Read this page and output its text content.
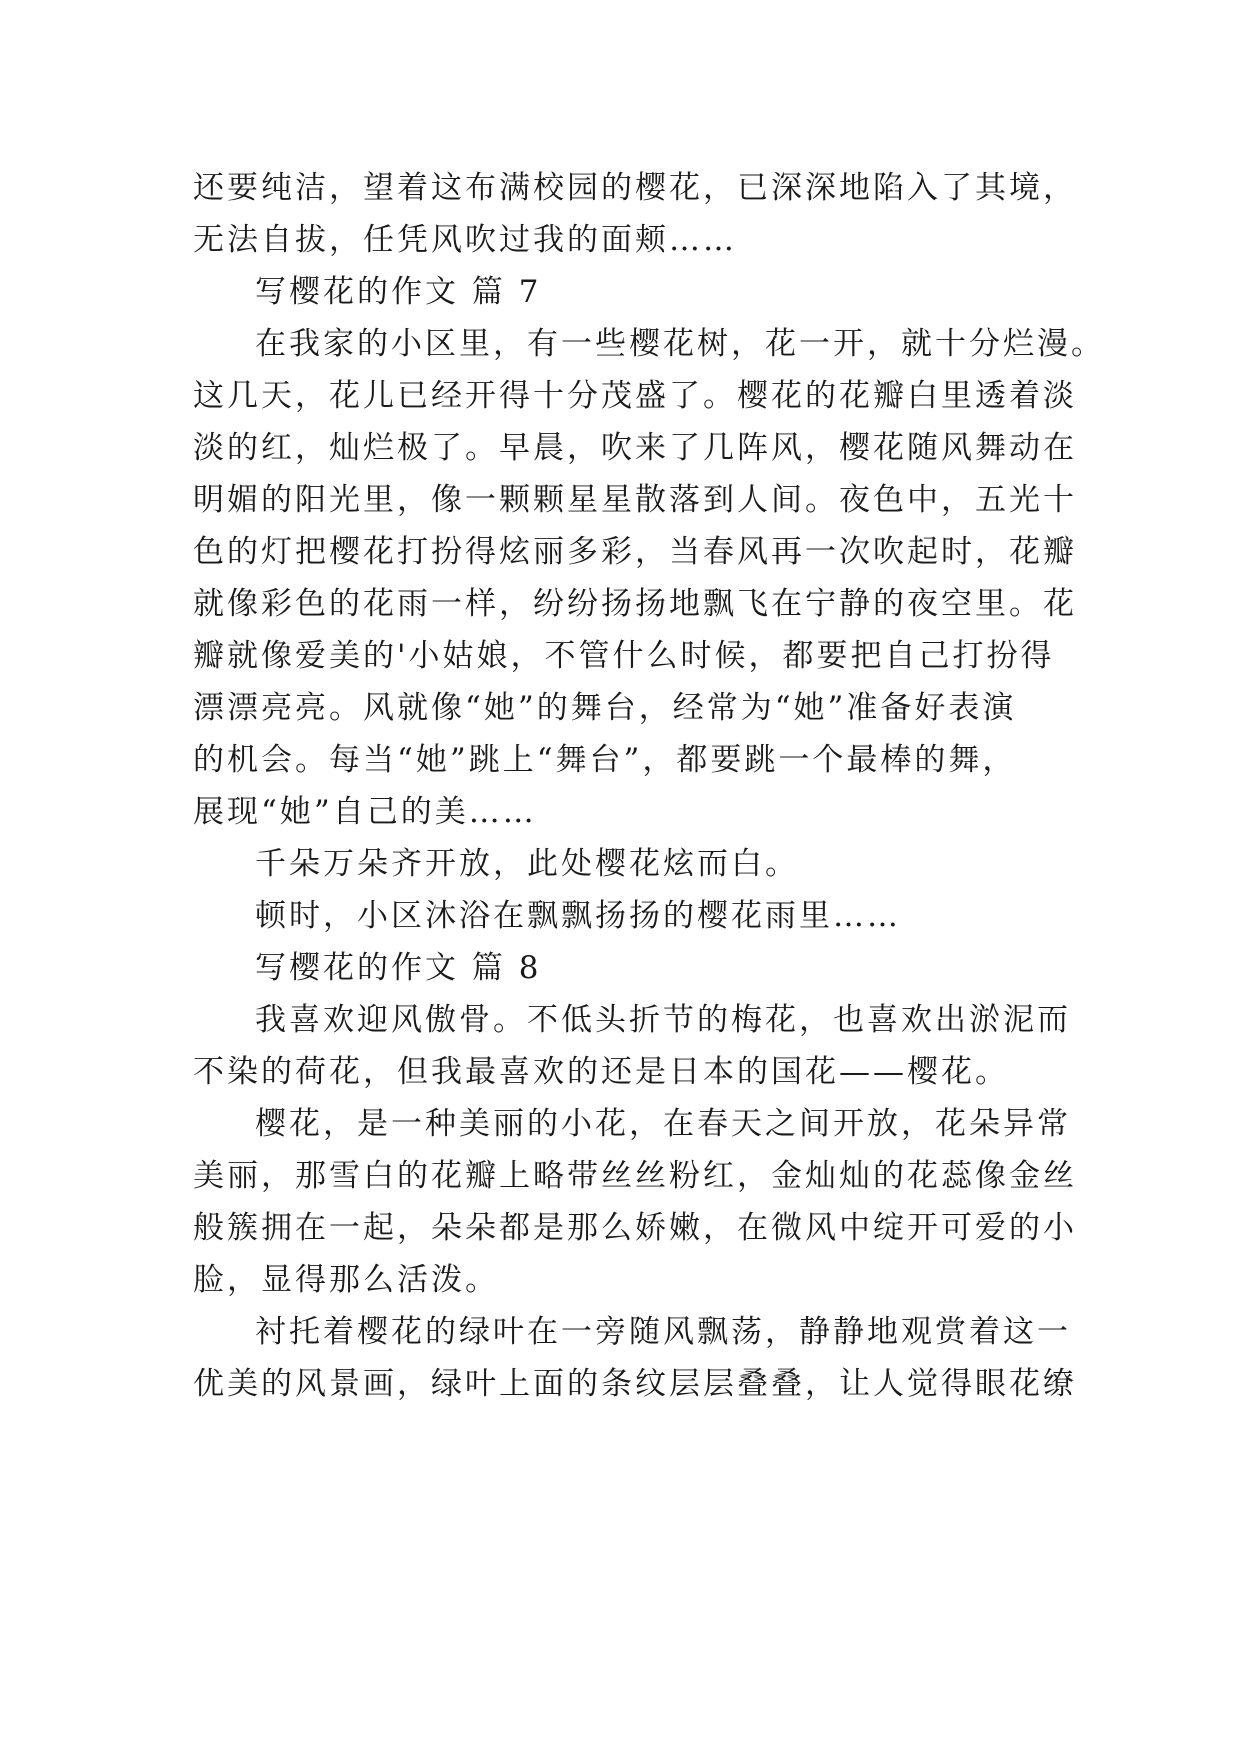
还要纯洁，望着这布满校园的樱花，已深深地陷入了其境，
无法自拔，任凭风吹过我的面颊……
写樱花的作文 篇 7
在我家的小区里，有一些樱花树，花一开，就十分烂漫。
这几天，花儿已经开得十分茂盛了。樱花的花瓣白里透着淡
淡的红，灿烂极了。早晨，吹来了几阵风，樱花随风舞动在
明媚的阳光里，像一颗颗星星散落到人间。夜色中，五光十
色的灯把樱花打扮得炫丽多彩，当春风再一次吹起时，花瓣
就像彩色的花雨一样，纷纷扬扬地飘飞在宁静的夜空里。花
瓣就像爱美的'小姑娘，不管什么时候，都要把自己打扮得
漂漂亮亮。风就像“她”的舞台，经常为“她”准备好表演
的机会。每当“她”跳上“舞台”，都要跳一个最棒的舞，
展现“她”自己的美……
千朵万朵齐开放，此处樱花炫而白。
顿时，小区沐浴在飘飘扬扬的樱花雨里……
写樱花的作文 篇 8
我喜欢迎风傲骨。不低头折节的梅花，也喜欢出淤泥而
不染的荷花，但我最喜欢的还是日本的国花——樱花。
樱花，是一种美丽的小花，在春天之间开放，花朵异常
美丽，那雪白的花瓣上略带丝丝粉红，金灿灿的花蕊像金丝
般簇拥在一起，朵朵都是那么娇嫩，在微风中绽开可爱的小
脸，显得那么活泼。
衬托着樱花的绿叶在一旁随风飘荡，静静地观赏着这一
优美的风景画，绿叶上面的条纹层层叠叠，让人觉得眼花缭
